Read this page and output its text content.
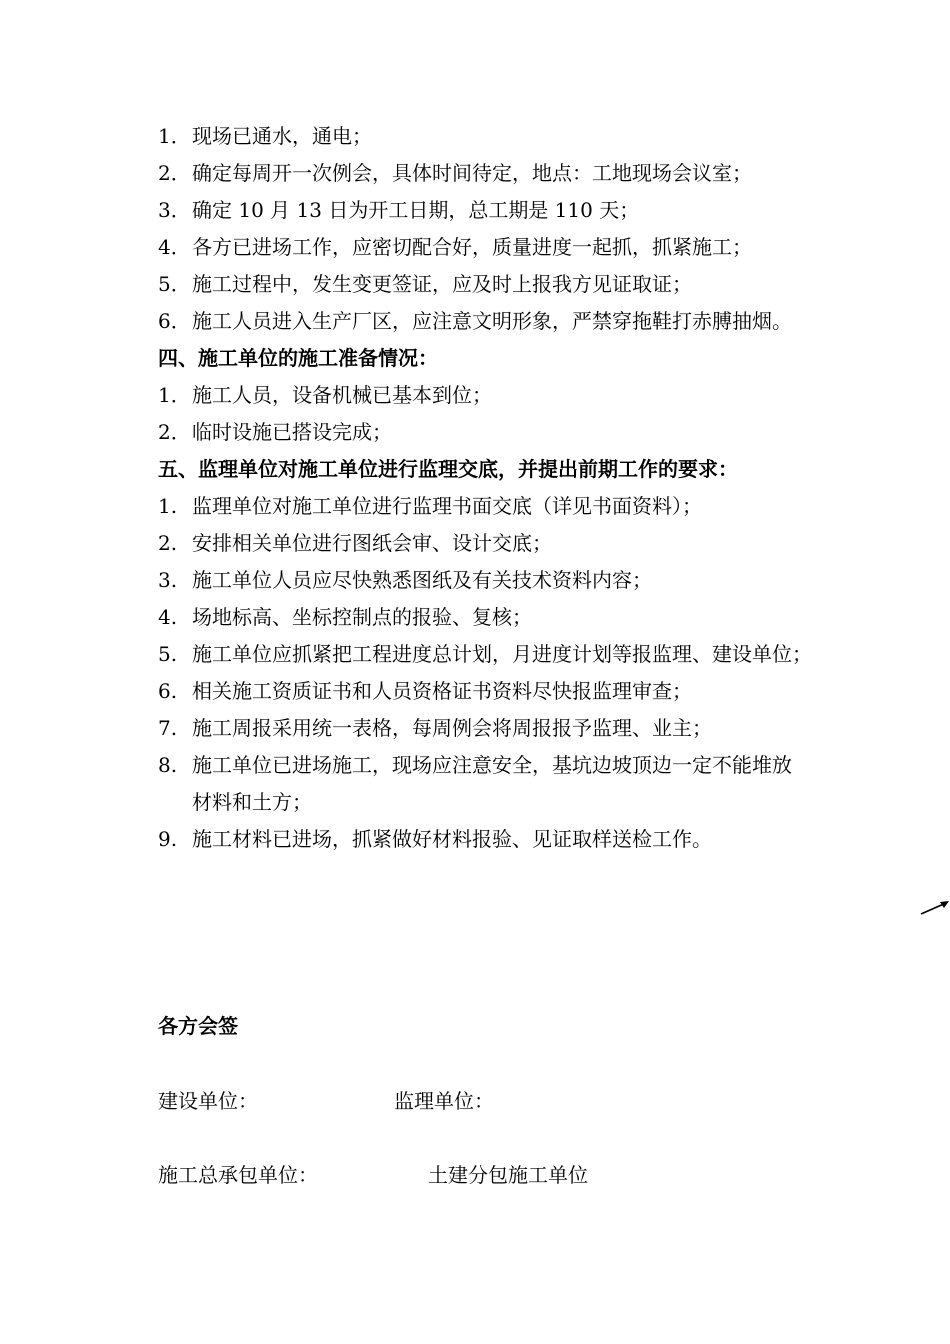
1．现场已通水，通电；
2．确定每周开一次例会，具体时间待定，地点：工地现场会议室；
3．确定 10 月 13 日为开工日期，总工期是 110 天；
4．各方已进场工作，应密切配合好，质量进度一起抓，抓紧施工；
5．施工过程中，发生变更签证，应及时上报我方见证取证；
6．施工人员进入生产厂区，应注意文明形象，严禁穿拖鞋打赤膊抽烟。
四、施工单位的施工准备情况：
1．施工人员，设备机械已基本到位；
2．临时设施已搭设完成；
五、监理单位对施工单位进行监理交底，并提出前期工作的要求：
1. 监理单位对施工单位进行监理书面交底（详见书面资料）；
2. 安排相关单位进行图纸会审、设计交底；
3. 施工单位人员应尽快熟悉图纸及有关技术资料内容；
4. 场地标高、坐标控制点的报验、复核；
5. 施工单位应抓紧把工程进度总计划，月进度计划等报监理、建设单位；
6. 相关施工资质证书和人员资格证书资料尽快报监理审查；
7. 施工周报采用统一表格，每周例会将周报报予监理、业主；
8. 施工单位已进场施工，现场应注意安全，基坑边坡顶边一定不能堆放
材料和土方；
9. 施工材料已进场，抓紧做好材料报验、见证取样送检工作。
各方会签
建设单位：	监理单位：
施工总承包单位：	土建分包施工单位
